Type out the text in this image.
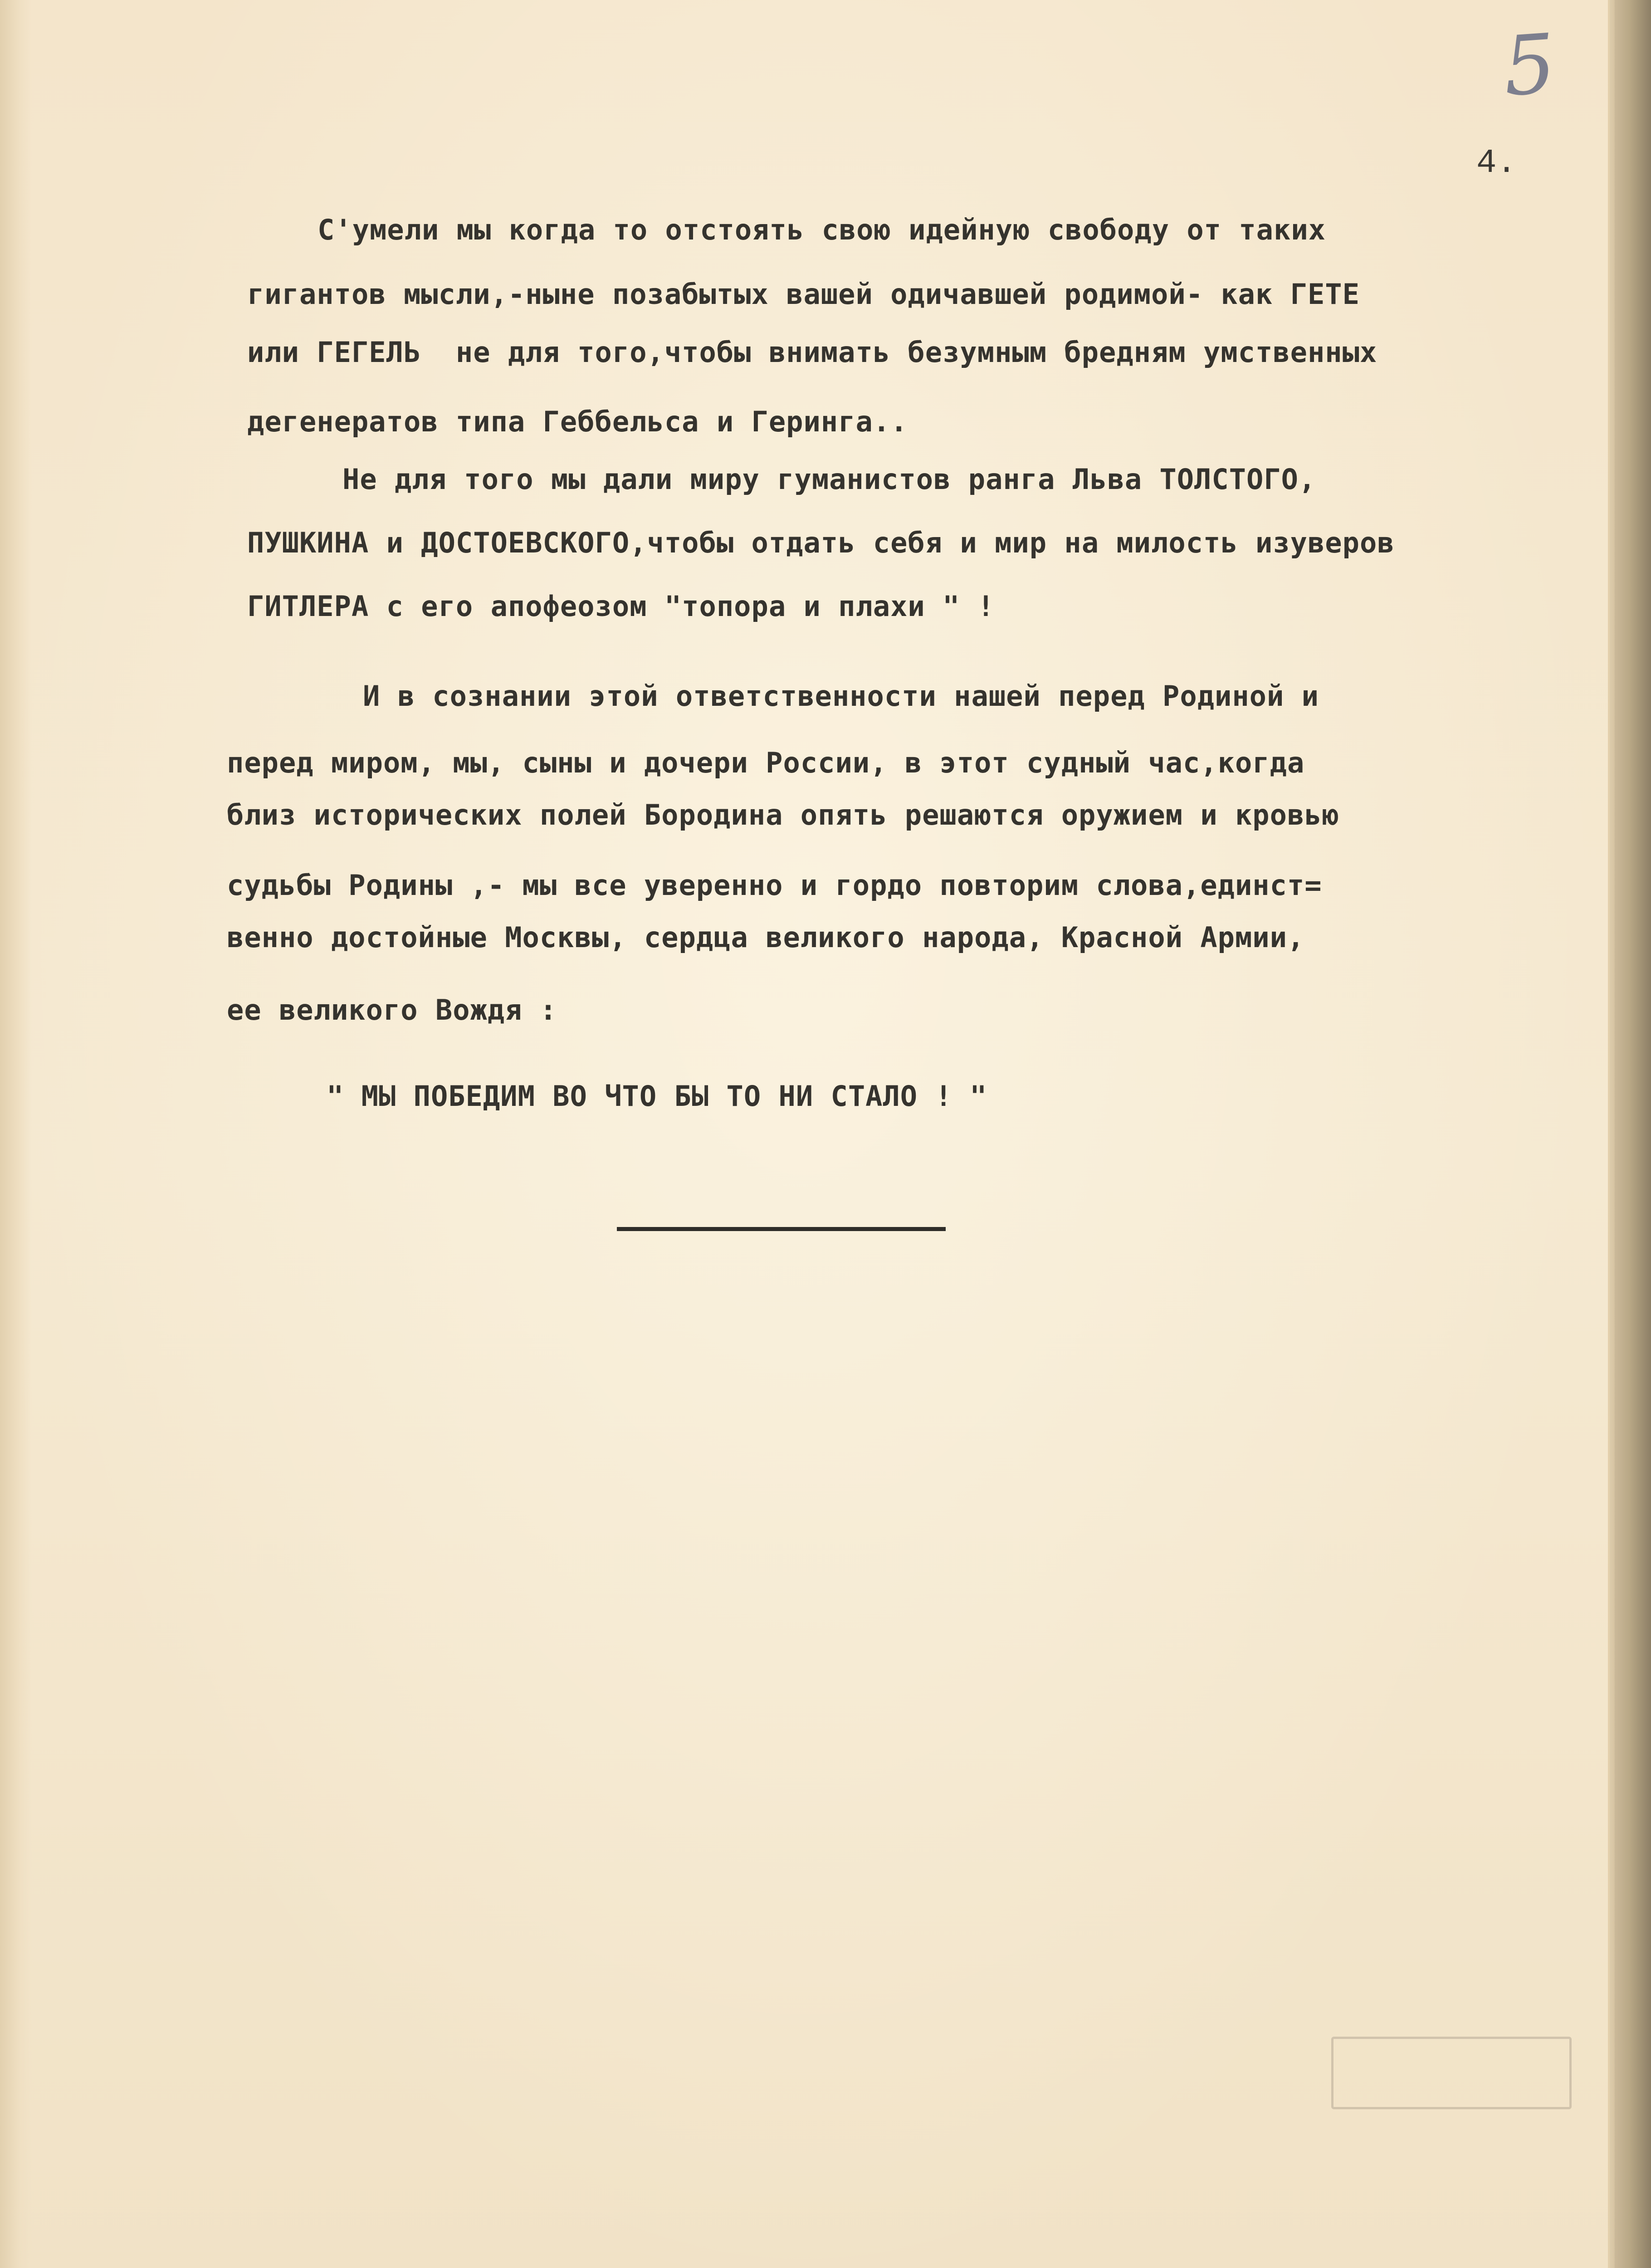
5
4.

С'умели мы когда то отстоять свою идейную свободу от таких

гигантов мысли,-ныне позабытых вашей одичавшей родимой- как ГЕТЕ

или ГЕГЕЛЬ  не для того,чтобы внимать безумным бредням умственных

дегенератов типа Геббельса и Геринга..

Не для того мы дали миру гуманистов ранга Льва ТОЛСТОГО,

ПУШКИНА и ДОСТОЕВСКОГО,чтобы отдать себя и мир на милость изуверов

ГИТЛЕРА с его апофеозом "топора и плахи " !

И в сознании этой ответственности нашей перед Родиной и

перед миром, мы, сыны и дочери России, в этот судный час,когда

близ исторических полей Бородина опять решаются оружием и кровью

судьбы Родины ,- мы все уверенно и гордо повторим слова,единст=

венно достойные Москвы, сердца великого народа, Красной Армии,

ее великого Вождя :

" МЫ ПОБЕДИМ ВО ЧТО БЫ ТО НИ СТАЛО ! "
